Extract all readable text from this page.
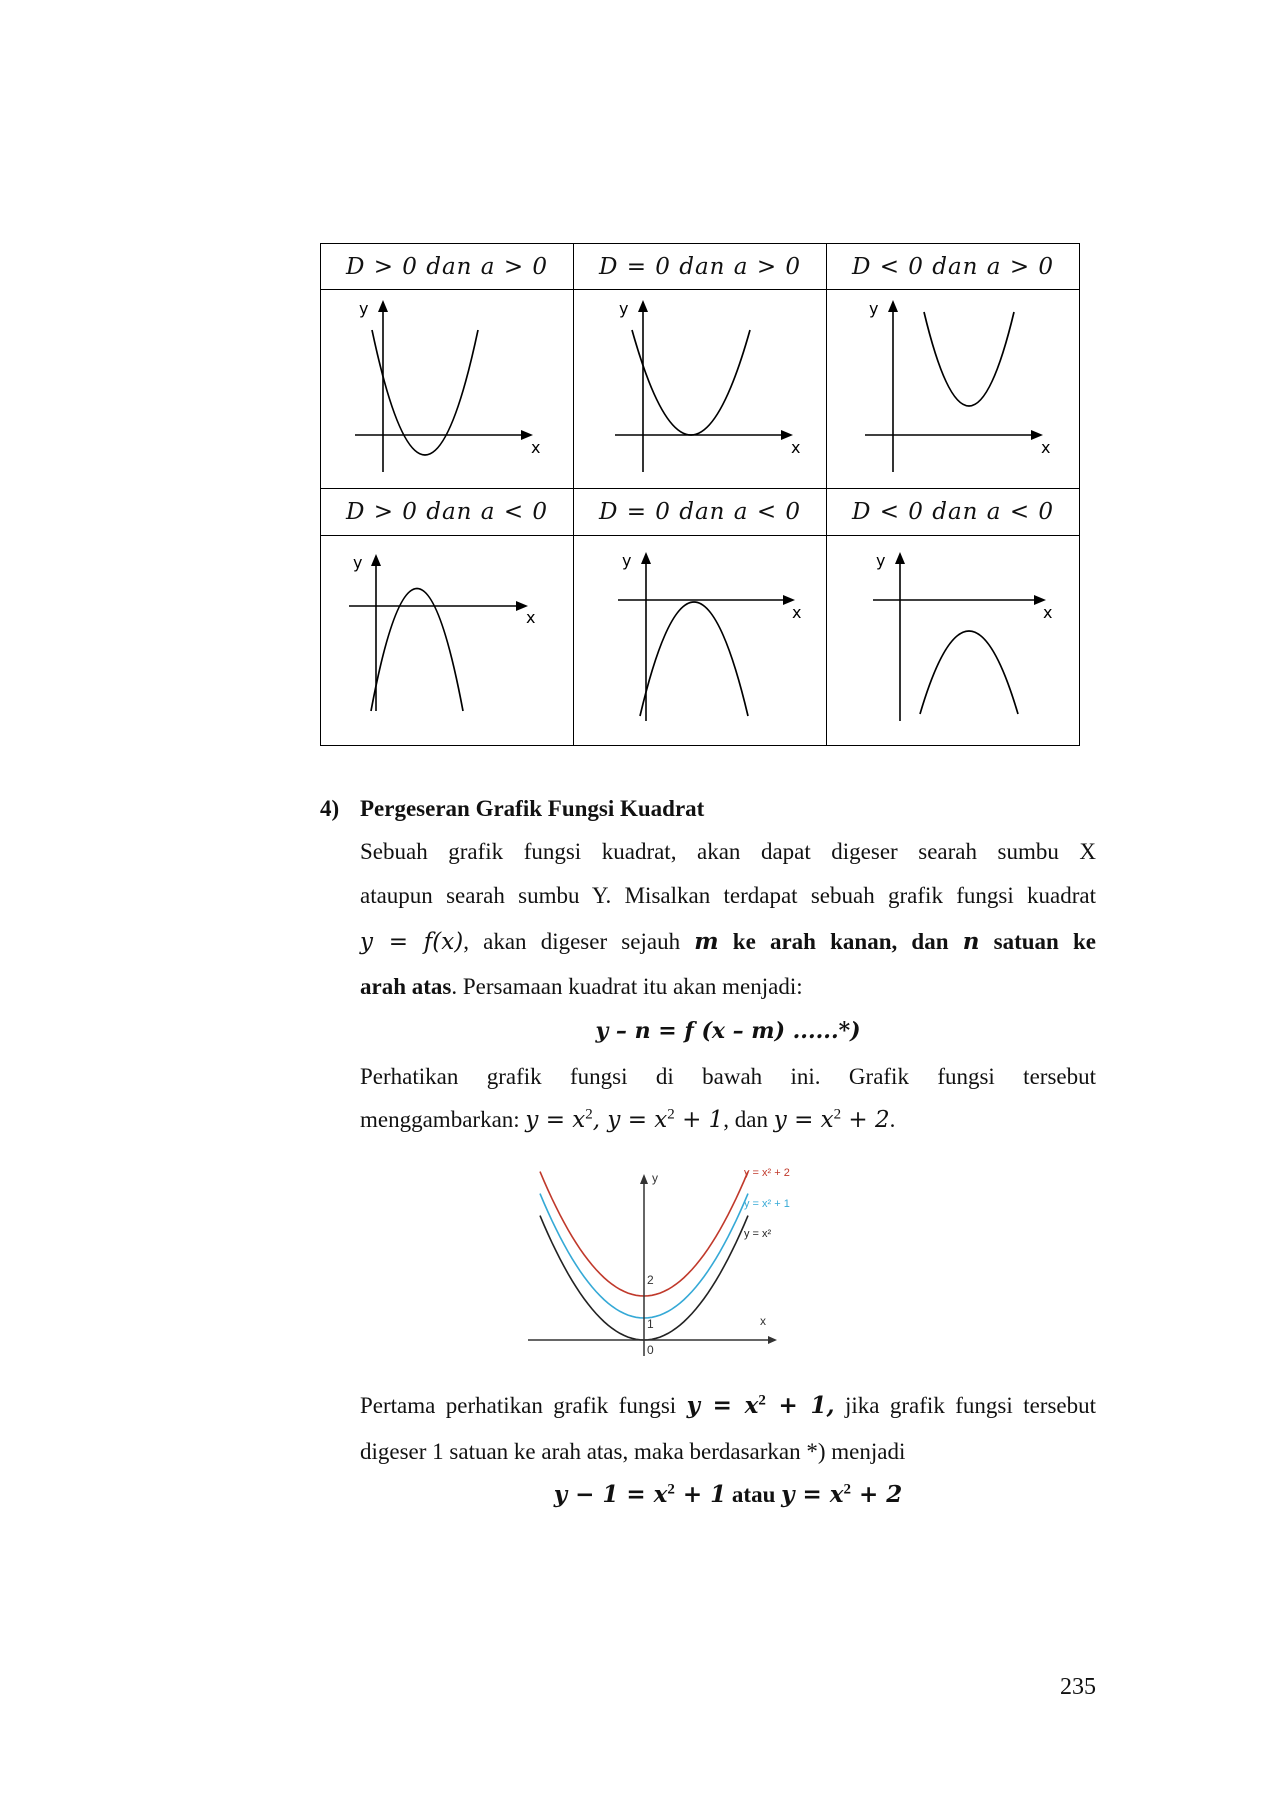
D > 0 dan a > 0	D = 0 dan a > 0	D < 0 dan a > 0

y
x	y
x	y
x

D > 0 dan a < 0	D = 0 dan a < 0	D < 0 dan a < 0

y
x	y
x	y
x
4) Pergeseran Grafik Fungsi Kuadrat
Sebuah grafik fungsi kuadrat, akan dapat digeser searah sumbu X
ataupun searah sumbu Y. Misalkan terdapat sebuah grafik fungsi kuadrat
y = f(x), akan digeser sejauh m ke arah kanan, dan n satuan ke
arah atas. Persamaan kuadrat itu akan menjadi:
y – n = f (x – m) ......*)
Perhatikan grafik fungsi di bawah ini. Grafik fungsi tersebut
menggambarkan: $y = x^2$, $y = x^2 + 1$, dan $y = x^2 + 2$.
y
x
2
1
0
y = x² + 2
y = x² + 1
y = x²
Pertama perhatikan grafik fungsi $y = x^2 + 1$, jika grafik fungsi tersebut
digeser 1 satuan ke arah atas, maka berdasarkan *) menjadi
$y - 1 = x^2 + 1$ atau $y = x^2 + 2$
235
